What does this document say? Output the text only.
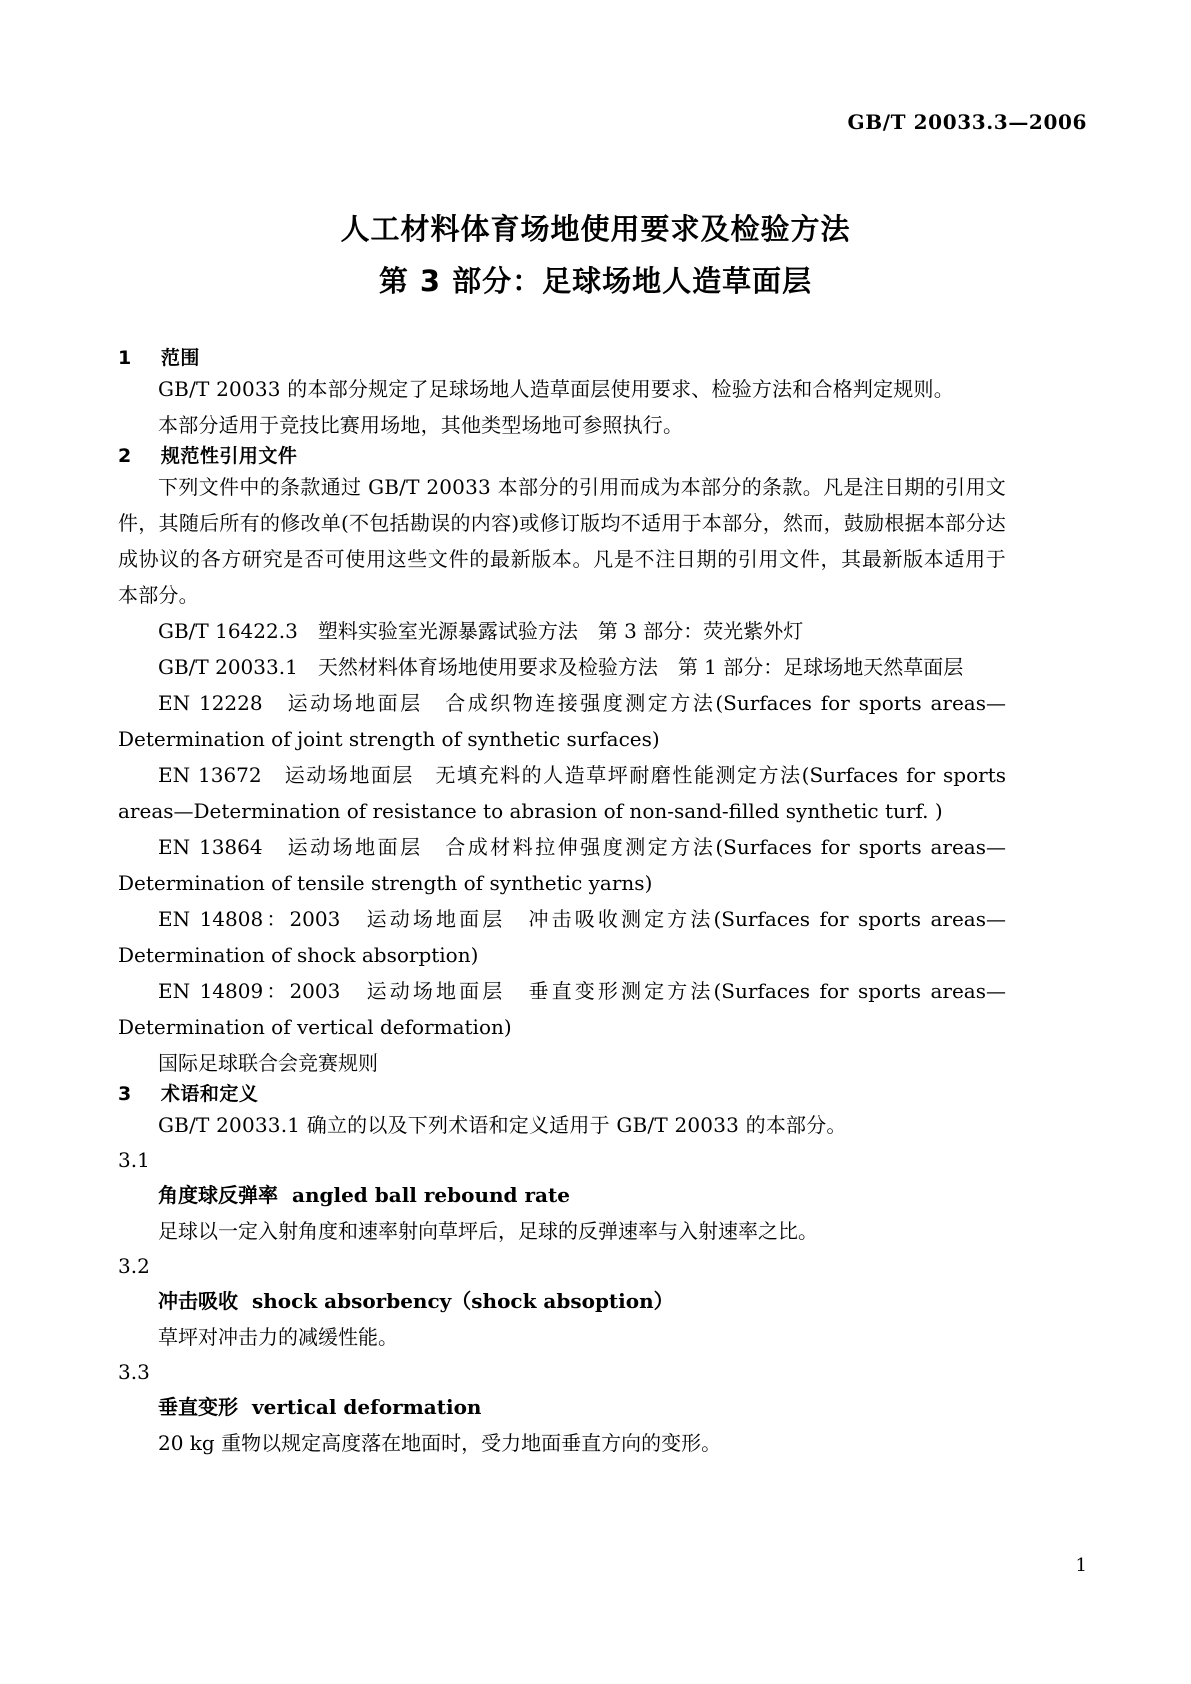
GB/T 20033.3—2006
人工材料体育场地使用要求及检验方法
第 3 部分：足球场地人造草面层
1 范围

GB/T 20033 的本部分规定了足球场地人造草面层使用要求、检验方法和合格判定规则。

本部分适用于竞技比赛用场地，其他类型场地可参照执行。

2 规范性引用文件

下列文件中的条款通过 GB/T 20033 本部分的引用而成为本部分的条款。凡是注日期的引用文件，其随后所有的修改单(不包括勘误的内容)或修订版均不适用于本部分，然而，鼓励根据本部分达成协议的各方研究是否可使用这些文件的最新版本。凡是不注日期的引用文件，其最新版本适用于本部分。

GB/T 16422.3　塑料实验室光源暴露试验方法　第 3 部分：荧光紫外灯

GB/T 20033.1　天然材料体育场地使用要求及检验方法　第 1 部分：足球场地天然草面层

EN 12228　运动场地面层　合成织物连接强度测定方法(Surfaces for sports areas—Determination of joint strength of synthetic surfaces)

EN 13672　运动场地面层　无填充料的人造草坪耐磨性能测定方法(Surfaces for sports areas—Determination of resistance to abrasion of non-sand-filled synthetic turf. )

EN 13864　运动场地面层　合成材料拉伸强度测定方法(Surfaces for sports areas—Determination of tensile strength of synthetic yarns)

EN 14808：2003　运动场地面层　冲击吸收测定方法(Surfaces for sports areas—Determination of shock absorption)

EN 14809：2003　运动场地面层　垂直变形测定方法(Surfaces for sports areas—Determination of vertical deformation)

国际足球联合会竞赛规则

3 术语和定义

GB/T 20033.1 确立的以及下列术语和定义适用于 GB/T 20033 的本部分。

3.1

角度球反弹率 angled ball rebound rate

足球以一定入射角度和速率射向草坪后，足球的反弹速率与入射速率之比。

3.2

冲击吸收 shock absorbency（shock absoption）

草坪对冲击力的减缓性能。

3.3

垂直变形 vertical deformation

20 kg 重物以规定高度落在地面时，受力地面垂直方向的变形。

1
